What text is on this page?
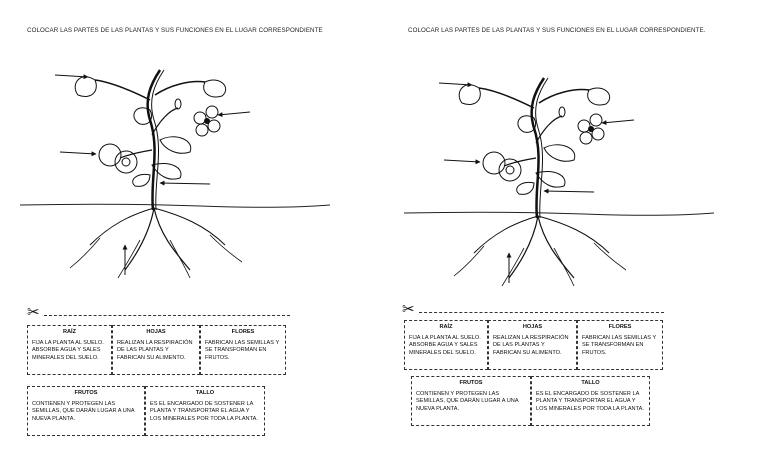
COLOCAR LAS PARTES DE LAS PLANTAS Y SUS FUNCIONES EN EL LUGAR CORRESPONDIENTE
✂
RAÍZ
FIJA LA PLANTA AL SUELO. ABSORBE AGUA Y SALES MINERALES DEL SUELO.
HOJAS
REALIZAN LA RESPIRACIÓN DE LAS PLANTAS Y FABRICAN SU ALIMENTO.
FLORES
FABRICAN LAS SEMILLAS Y SE TRANSFORMAN EN FRUTOS.
FRUTOS
CONTIENEN Y PROTEGEN LAS SEMILLAS, QUE DARÁN LUGAR A UNA NUEVA PLANTA.
TALLO
ES EL ENCARGADO DE SOSTENER LA PLANTA Y TRANSPORTAR EL AGUA Y LOS MINERALES POR TODA LA PLANTA.
COLOCAR LAS PARTES DE LAS PLANTAS Y SUS FUNCIONES EN EL LUGAR CORRESPONDIENTE.
✂
RAÍZ
FIJA LA PLANTA AL SUELO. ABSORBE AGUA Y SALES MINERALES DEL SUELO.
HOJAS
REALIZAN LA RESPIRACIÓN DE LAS PLANTAS Y FABRICAN SU ALIMENTO.
FLORES
FABRICAN LAS SEMILLAS Y SE TRANSFORMAN EN FRUTOS.
FRUTOS
CONTIENEN Y PROTEGEN LAS SEMILLAS, QUE DARÁN LUGAR A UNA NUEVA PLANTA.
TALLO
ES EL ENCARGADO DE SOSTENER LA PLANTA Y TRANSPORTAR EL AGUA Y LOS MINERALES POR TODA LA PLANTA.
